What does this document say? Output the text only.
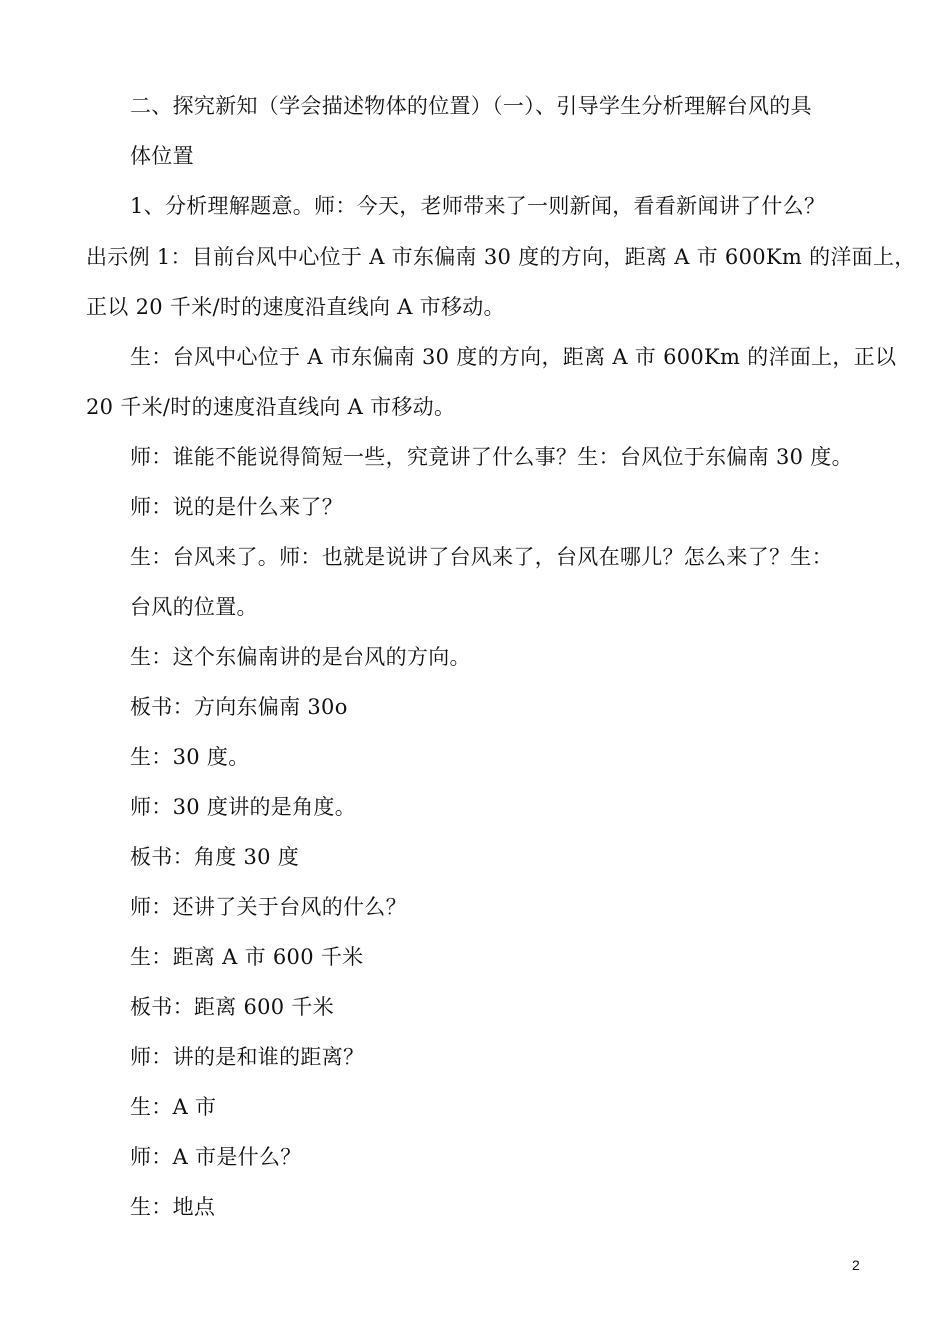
二、探究新知（学会描述物体的位置）（一）、引导学生分析理解台风的具
体位置
1、分析理解题意。师：今天，老师带来了一则新闻，看看新闻讲了什么？
出示例 1：目前台风中心位于 A 市东偏南 30 度的方向，距离 A 市 600Km 的洋面上，
正以 20 千米/时的速度沿直线向 A 市移动。
生：台风中心位于 A 市东偏南 30 度的方向，距离 A 市 600Km 的洋面上，正以
20 千米/时的速度沿直线向 A 市移动。
师：谁能不能说得简短一些，究竟讲了什么事？生：台风位于东偏南 30 度。
师：说的是什么来了？
生：台风来了。师：也就是说讲了台风来了，台风在哪儿？怎么来了？生：
台风的位置。
生：这个东偏南讲的是台风的方向。
板书：方向东偏南 30o
生：30 度。
师：30 度讲的是角度。
板书：角度 30 度
师：还讲了关于台风的什么？
生：距离 A 市 600 千米
板书：距离 600 千米
师：讲的是和谁的距离？
生：A 市
师：A 市是什么？
生：地点
2
